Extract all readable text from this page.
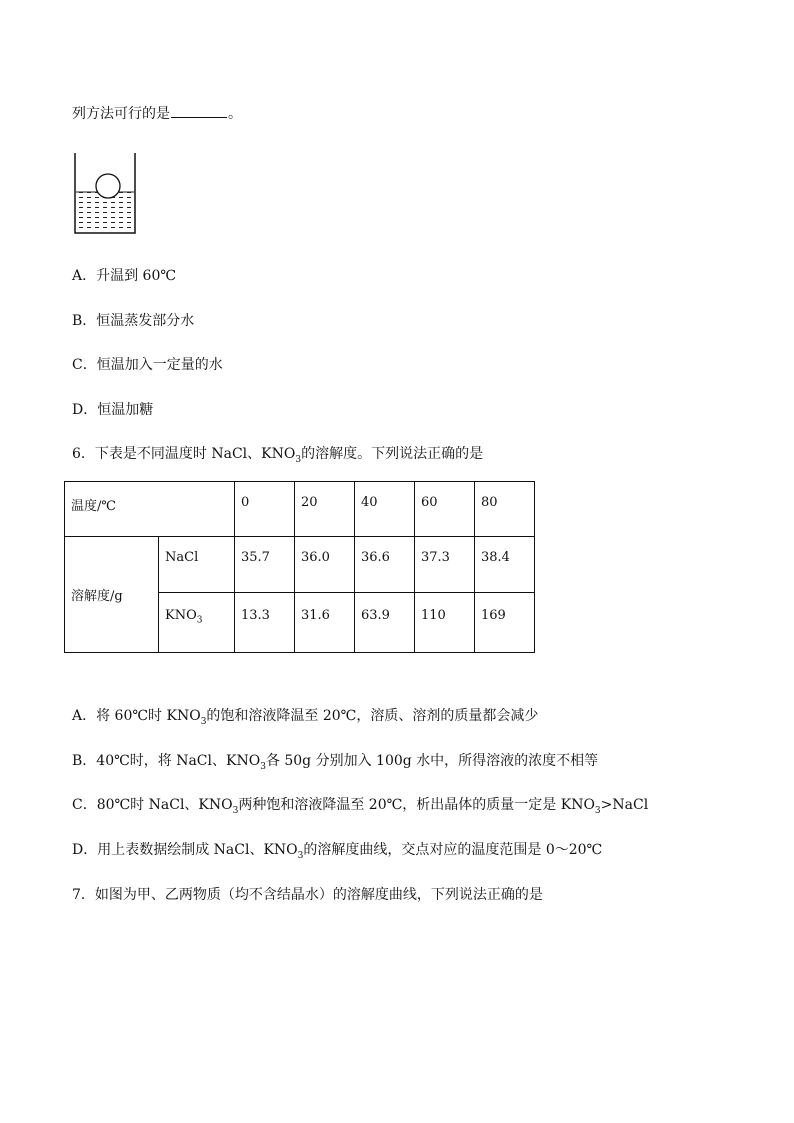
列方法可行的是	。
A．升温到 60℃
B．恒温蒸发部分水
C．恒温加入一定量的水
D．恒温加糖
6．下表是不同温度时 NaCl、$KNO_3$的溶解度。下列说法正确的是
温度/℃		0	20	40	60	80
溶解度/g	NaCl	35.7	36.0	36.6	37.3	38.4
	$KNO_3$	13.3	31.6	63.9	110	169
A．将 60℃时 $KNO_3$的饱和溶液降温至 20℃，溶质、溶剂的质量都会减少
B．40℃时，将 NaCl、$KNO_3$各 50g 分别加入 100g 水中，所得溶液的浓度不相等
C．80℃时 NaCl、$KNO_3$两种饱和溶液降温至 20℃，析出晶体的质量一定是 $KNO_3>NaCl$
D．用上表数据绘制成 NaCl、$KNO_3$的溶解度曲线，交点对应的温度范围是 0～20℃
7．如图为甲、乙两物质（均不含结晶水）的溶解度曲线，下列说法正确的是
